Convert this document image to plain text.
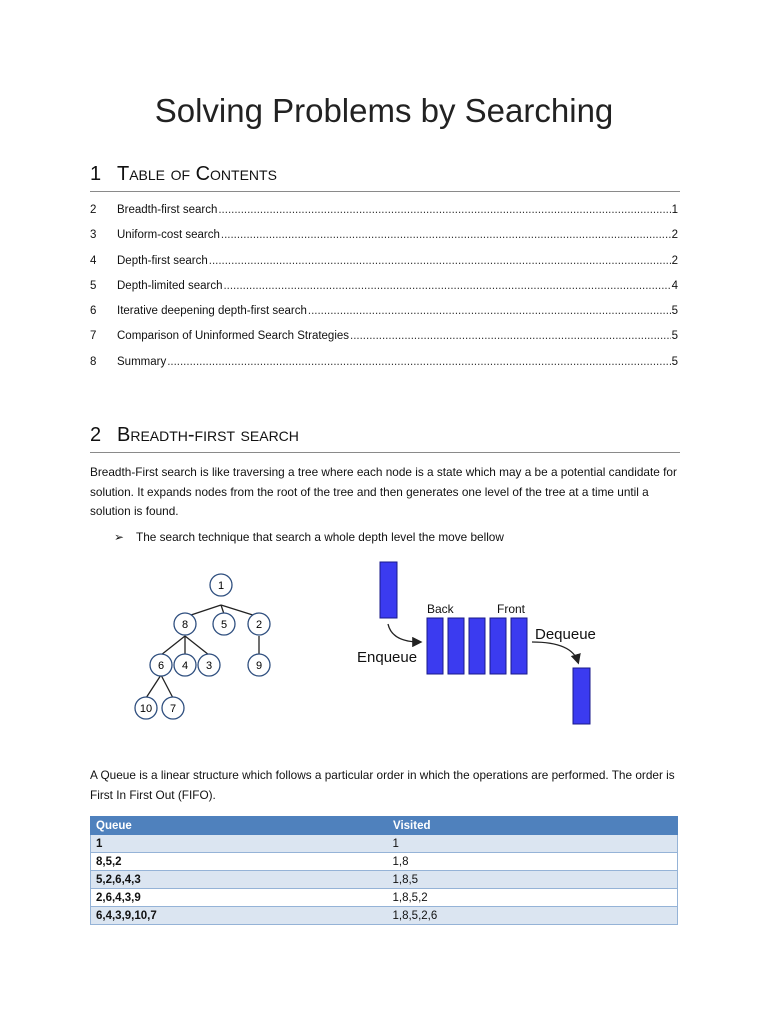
Solving Problems by Searching
1 Table of Contents
2	Breadth-first search .....	1
3	Uniform-cost search .....	2
4	Depth-first search .....	2
5	Depth-limited search .....	4
6	Iterative deepening depth-first search .....	5
7	Comparison of Uninformed Search Strategies .....	5
8	Summary .....	5
2 Breadth-first search
Breadth-First search is like traversing a tree where each node is a state which may a be a potential candidate for solution. It expands nodes from the root of the tree and then generates one level of the tree at a time until a solution is found.
➢ The search technique that search a whole depth level the move bellow
1
8	5	2
6 4 3	9
10 7
Back	Front
Enqueue
Dequeue
A Queue is a linear structure which follows a particular order in which the operations are performed. The order is First In First Out (FIFO).
Queue	Visited
1	1
8,5,2	1,8
5,2,6,4,3	1,8,5
2,6,4,3,9	1,8,5,2
6,4,3,9,10,7	1,8,5,2,6
